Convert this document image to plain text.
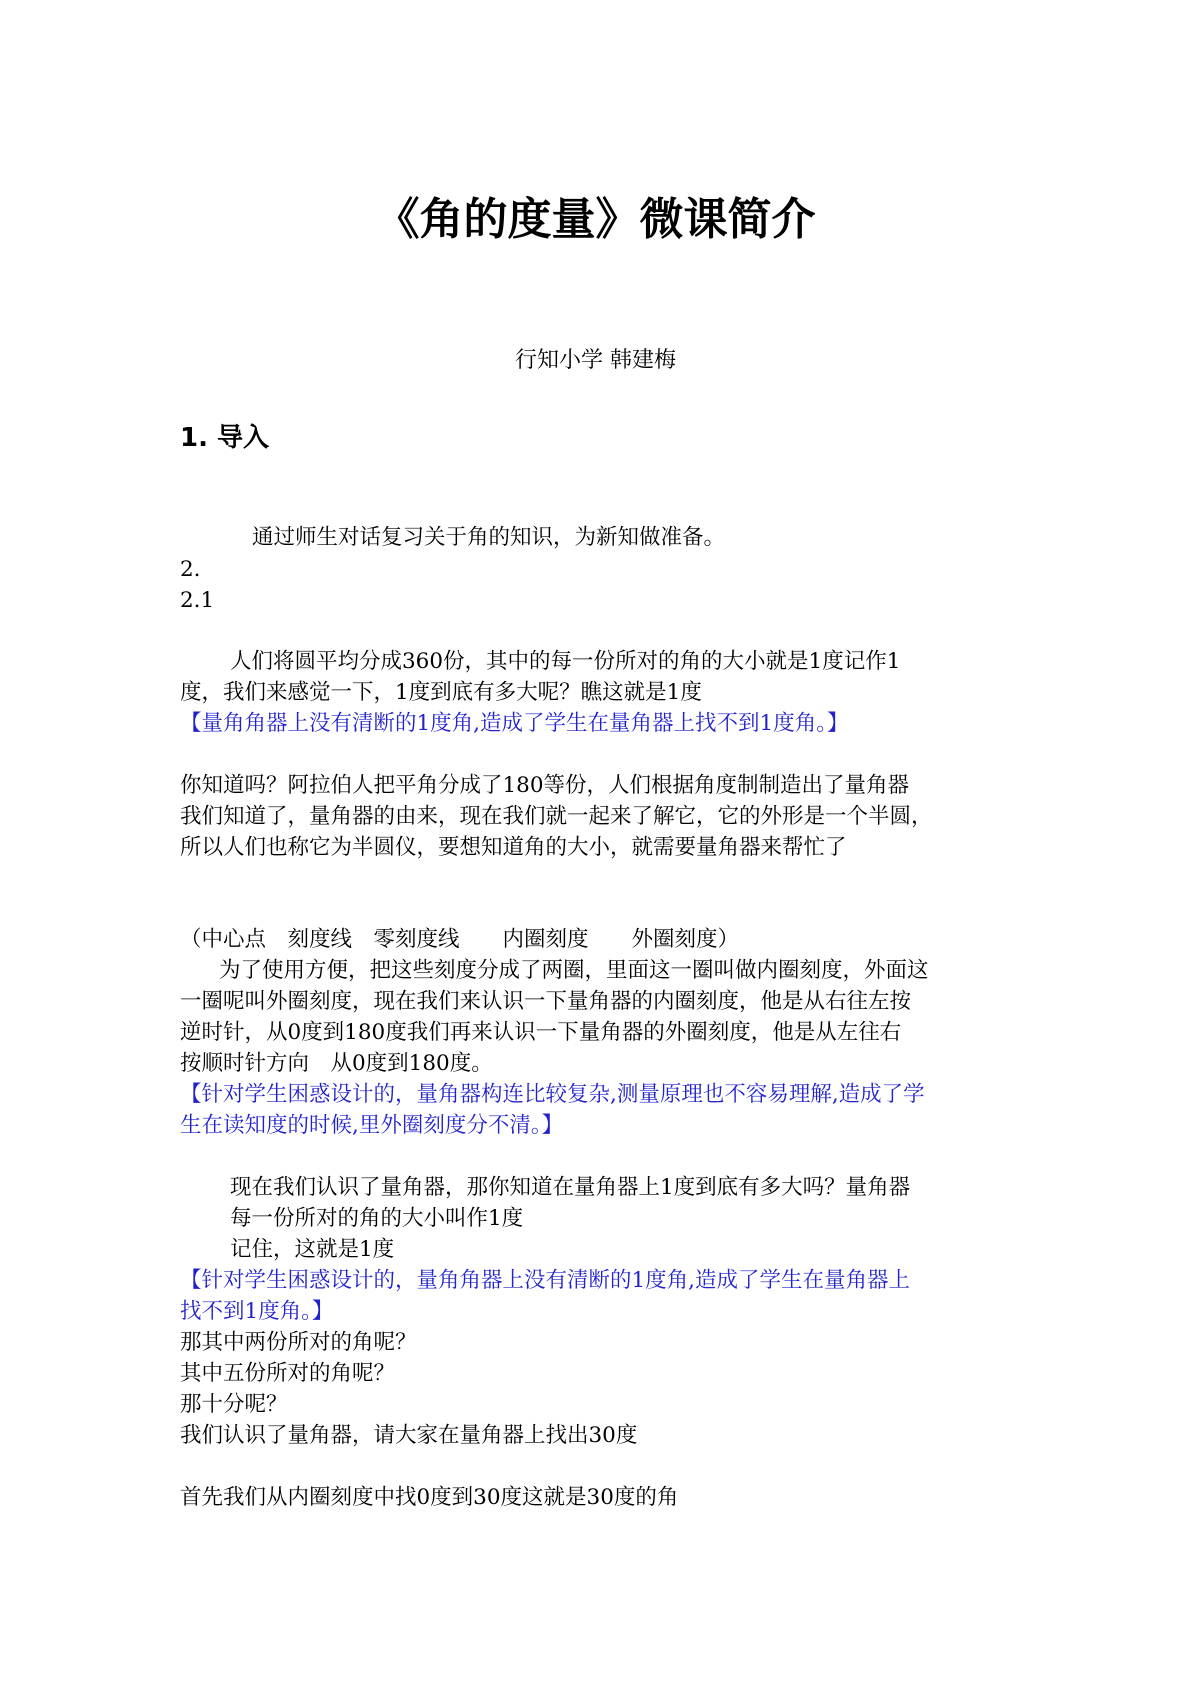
《角的度量》微课简介
行知小学 韩建梅
1. 导入
通过师生对话复习关于角的知识，为新知做准备。
2.
2.1
人们将圆平均分成360份，其中的每一份所对的角的大小就是1度记作1
度，我们来感觉一下，1度到底有多大呢？瞧这就是1度
【量角角器上没有清断的1度角,造成了学生在量角器上找不到1度角。】
你知道吗？阿拉伯人把平角分成了180等份，人们根据角度制制造出了量角器
我们知道了，量角器的由来，现在我们就一起来了解它，它的外形是一个半圆，
所以人们也称它为半圆仪，要想知道角的大小，就需要量角器来帮忙了
（中心点　刻度线　零刻度线　　内圈刻度　　外圈刻度）
为了使用方便，把这些刻度分成了两圈，里面这一圈叫做内圈刻度，外面这
一圈呢叫外圈刻度，现在我们来认识一下量角器的内圈刻度，他是从右往左按
逆时针，从0度到180度我们再来认识一下量角器的外圈刻度，他是从左往右
按顺时针方向　从0度到180度。
【针对学生困惑设计的，量角器构连比较复杂,测量原理也不容易理解,造成了学
生在读知度的时候,里外圈刻度分不清。】
现在我们认识了量角器，那你知道在量角器上1度到底有多大吗？量角器
每一份所对的角的大小叫作1度
记住，这就是1度
【针对学生困惑设计的，量角角器上没有清断的1度角,造成了学生在量角器上
找不到1度角。】
那其中两份所对的角呢？
其中五份所对的角呢？
那十分呢？
我们认识了量角器，请大家在量角器上找出30度
首先我们从内圈刻度中找0度到30度这就是30度的角
